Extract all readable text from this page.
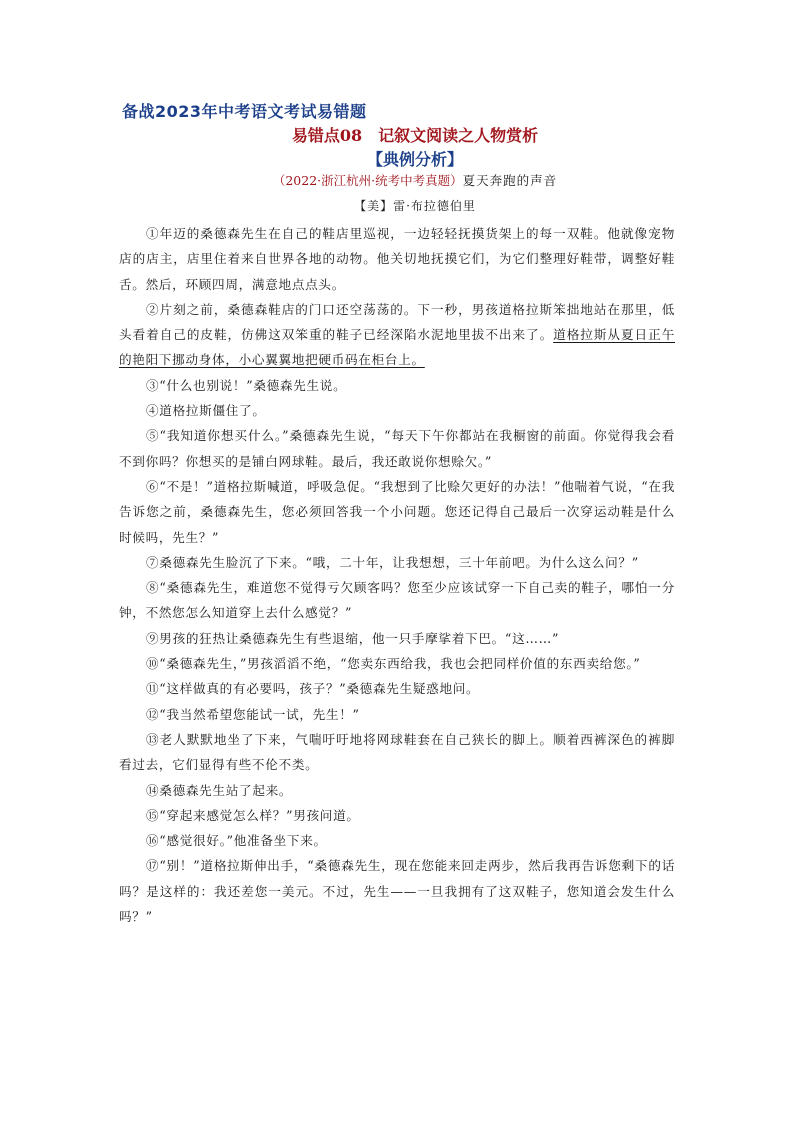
备战2023年中考语文考试易错题
易错点08　记叙文阅读之人物赏析
【典例分析】
（2022·浙江杭州·统考中考真题）夏天奔跑的声音
【美】雷·布拉德伯里

①年迈的桑德森先生在自己的鞋店里巡视，一边轻轻抚摸货架上的每一双鞋。他就像宠物店的店主，店里住着来自世界各地的动物。他关切地抚摸它们，为它们整理好鞋带，调整好鞋舌。然后，环顾四周，满意地点点头。

②片刻之前，桑德森鞋店的门口还空荡荡的。下一秒，男孩道格拉斯笨拙地站在那里，低头看着自己的皮鞋，仿佛这双笨重的鞋子已经深陷水泥地里拔不出来了。道格拉斯从夏日正午的艳阳下挪动身体，小心翼翼地把硬币码在柜台上。

③“什么也别说！”桑德森先生说。

④道格拉斯僵住了。

⑤“我知道你想买什么。”桑德森先生说，“每天下午你都站在我橱窗的前面。你觉得我会看不到你吗？你想买的是铺白网球鞋。最后，我还敢说你想赊欠。”

⑥“不是！”道格拉斯喊道，呼吸急促。“我想到了比赊欠更好的办法！”他喘着气说，“在我告诉您之前，桑德森先生，您必须回答我一个小问题。您还记得自己最后一次穿运动鞋是什么时候吗，先生？”

⑦桑德森先生脸沉了下来。“哦，二十年，让我想想，三十年前吧。为什么这么问？”

⑧“桑德森先生，难道您不觉得亏欠顾客吗？您至少应该试穿一下自己卖的鞋子，哪怕一分钟，不然您怎么知道穿上去什么感觉？”

⑨男孩的狂热让桑德森先生有些退缩，他一只手摩挲着下巴。“这……”

⑩“桑德森先生，”男孩滔滔不绝，“您卖东西给我，我也会把同样价值的东西卖给您。”

⑪“这样做真的有必要吗，孩子？”桑德森先生疑惑地问。

⑫“我当然希望您能试一试，先生！”

⑬老人默默地坐了下来，气喘吁吁地将网球鞋套在自己狭长的脚上。顺着西裤深色的裤脚看过去，它们显得有些不伦不类。

⑭桑德森先生站了起来。

⑮“穿起来感觉怎么样？”男孩问道。

⑯“感觉很好。”他准备坐下来。

⑰“别！”道格拉斯伸出手，“桑德森先生，现在您能来回走两步，然后我再告诉您剩下的话吗？是这样的：我还差您一美元。不过，先生——一旦我拥有了这双鞋子，您知道会发生什么吗？”
